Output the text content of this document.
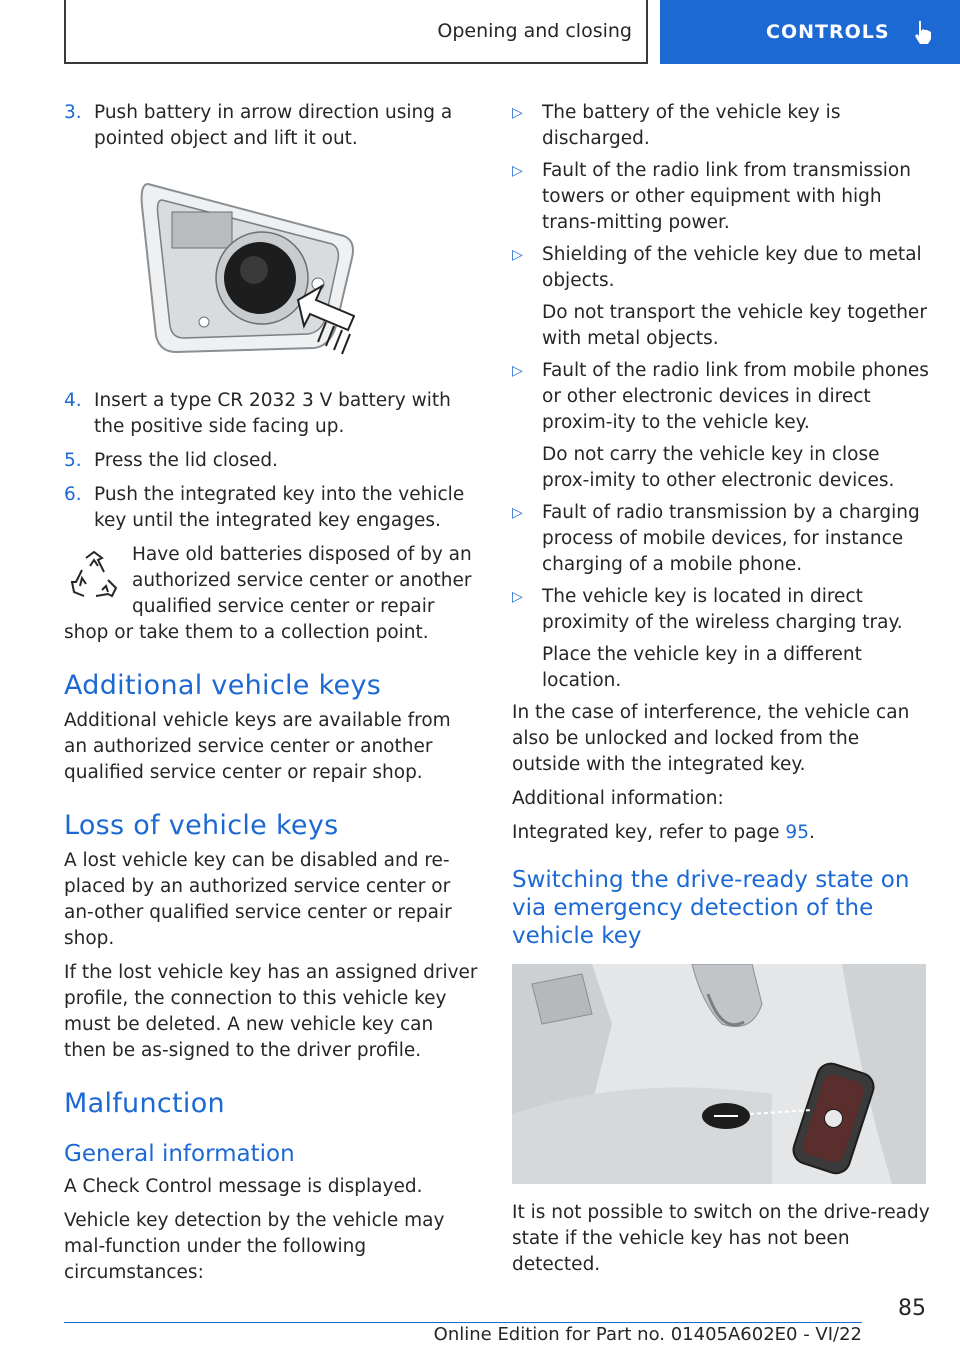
Opening and closing	CONTROLS
3. Push battery in arrow direction using a pointed object and lift it out.
4. Insert a type CR 2032 3 V battery with the positive side facing up.
5. Press the lid closed.
6. Push the integrated key into the vehicle key until the integrated key engages.
Have old batteries disposed of by an authorized service center or another qualified service center or repair shop or take them to a collection point.
Additional vehicle keys

Additional vehicle keys are available from an authorized service center or another qualified service center or repair shop.

Loss of vehicle keys

A lost vehicle key can be disabled and re-placed by an authorized service center or an-other qualified service center or repair shop.

If the lost vehicle key has an assigned driver profile, the connection to this vehicle key must be deleted. A new vehicle key can then be as-signed to the driver profile.

Malfunction
General information

A Check Control message is displayed.

Vehicle key detection by the vehicle may mal-function under the following circumstances:

▷	The battery of the vehicle key is discharged.
▷	Fault of the radio link from transmission towers or other equipment with high trans-mitting power.
▷	Shielding of the vehicle key due to metal objects.
Do not transport the vehicle key together with metal objects.
▷	Fault of the radio link from mobile phones or other electronic devices in direct proxim-ity to the vehicle key.
Do not carry the vehicle key in close prox-imity to other electronic devices.
▷	Fault of radio transmission by a charging process of mobile devices, for instance charging of a mobile phone.
▷	The vehicle key is located in direct proximity of the wireless charging tray.
Place the vehicle key in a different location.

In the case of interference, the vehicle can also be unlocked and locked from the outside with the integrated key.

Additional information:

Integrated key, refer to page 95.

Switching the drive-ready state on via emergency detection of the vehicle key

It is not possible to switch on the drive-ready state if the vehicle key has not been detected.

85
Online Edition for Part no. 01405A602E0 - VI/22
